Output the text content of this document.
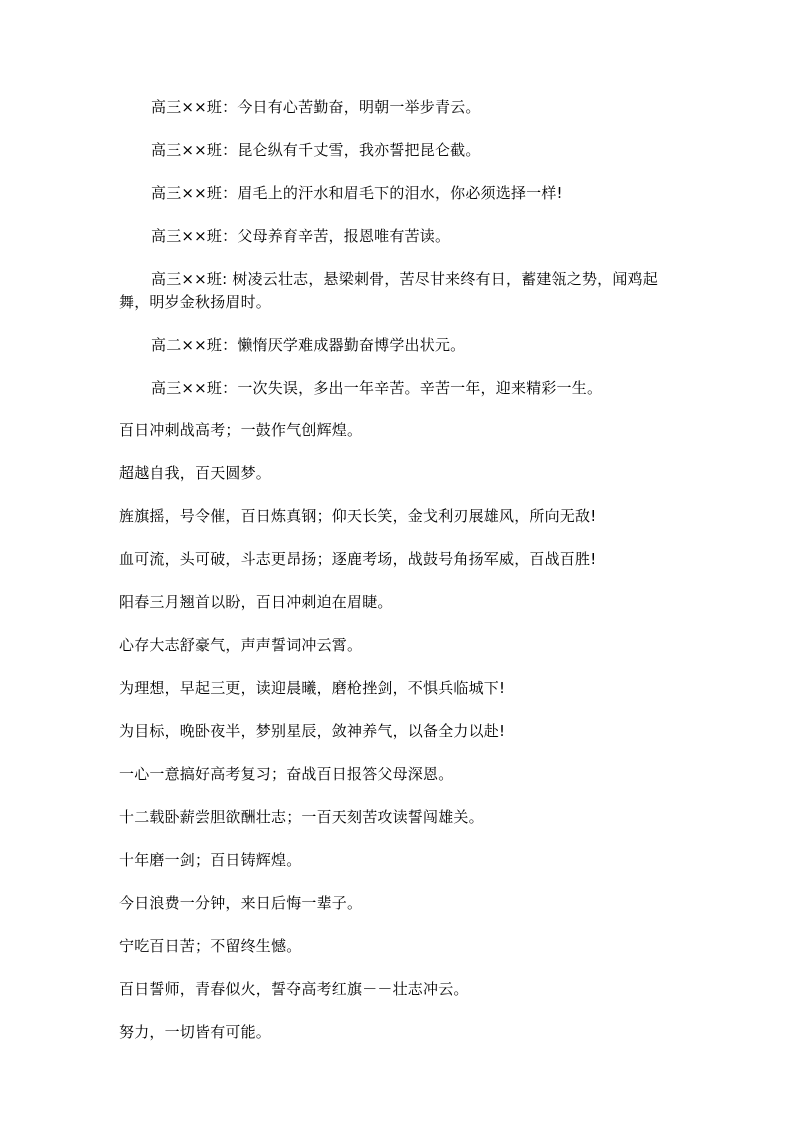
高三××班：今日有心苦勤奋，明朝一举步青云。

高三××班：昆仑纵有千丈雪，我亦誓把昆仑截。

高三××班：眉毛上的汗水和眉毛下的泪水，你必须选择一样!

高三××班：父母养育辛苦，报恩唯有苦读。

高三××班: 树凌云壮志，悬梁刺骨，苦尽甘来终有日，蓄建瓴之势，闻鸡起舞，明岁金秋扬眉时。

高二××班：懒惰厌学难成器勤奋博学出状元。

高三××班：一次失误，多出一年辛苦。辛苦一年，迎来精彩一生。

百日冲刺战高考；一鼓作气创辉煌。

超越自我，百天圆梦。

旌旗摇，号令催，百日炼真钢；仰天长笑，金戈利刃展雄风，所向无敌!

血可流，头可破，斗志更昂扬；逐鹿考场，战鼓号角扬军威，百战百胜!

阳春三月翘首以盼，百日冲刺迫在眉睫。

心存大志舒豪气，声声誓词冲云霄。

为理想，早起三更，读迎晨曦，磨枪挫剑，不惧兵临城下!

为目标，晚卧夜半，梦别星辰，敛神养气，以备全力以赴!

一心一意搞好高考复习；奋战百日报答父母深恩。

十二载卧薪尝胆欲酬壮志；一百天刻苦攻读誓闯雄关。

十年磨一剑；百日铸辉煌。

今日浪费一分钟，来日后悔一辈子。

宁吃百日苦；不留终生憾。

百日誓师，青春似火，誓夺高考红旗－－壮志冲云。

努力，一切皆有可能。
